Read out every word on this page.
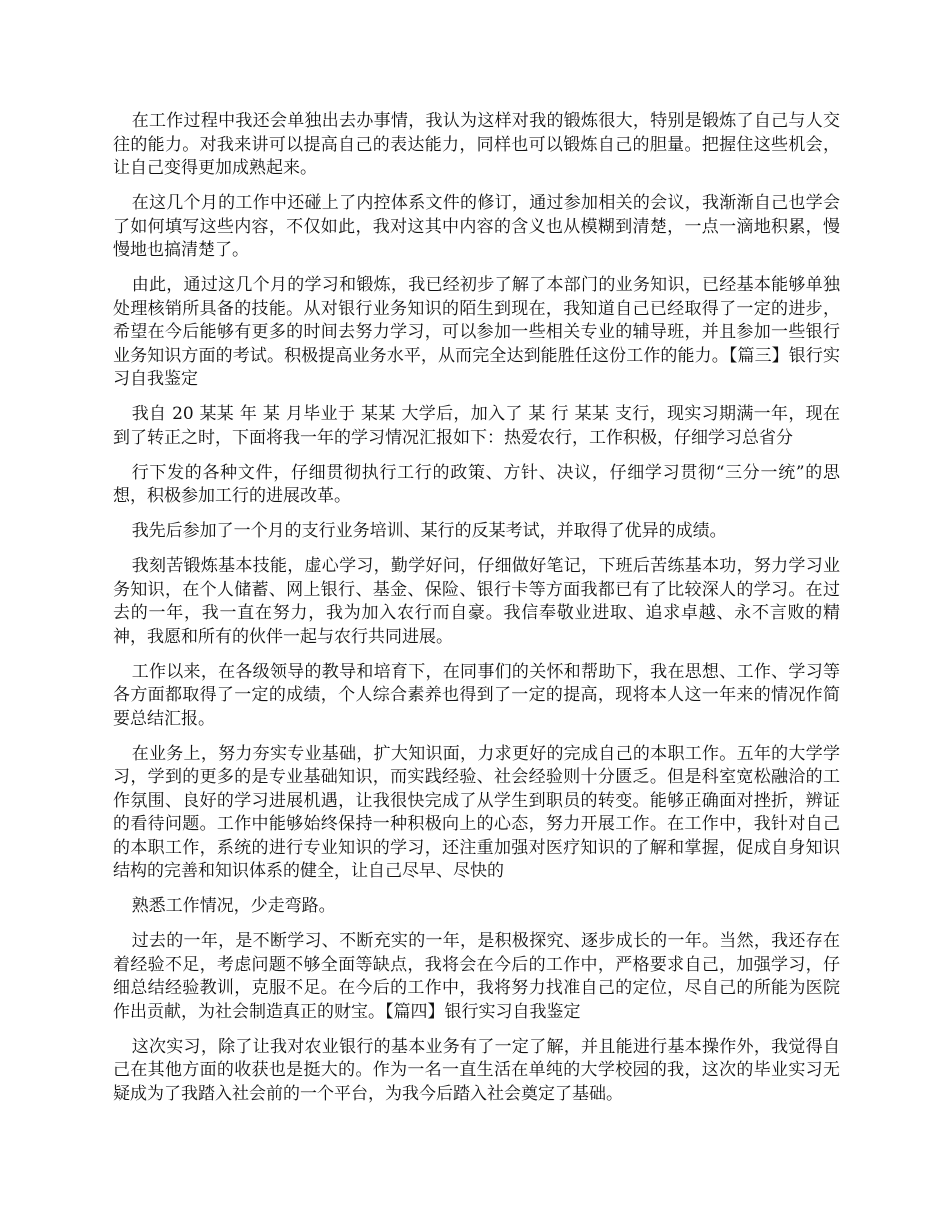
在工作过程中我还会单独出去办事情，我认为这样对我的锻炼很大，特别是锻炼了自己与人交往的能力。对我来讲可以提高自己的表达能力，同样也可以锻炼自己的胆量。把握住这些机会，让自己变得更加成熟起来。

在这几个月的工作中还碰上了内控体系文件的修订，通过参加相关的会议，我渐渐自己也学会了如何填写这些内容，不仅如此，我对这其中内容的含义也从模糊到清楚，一点一滴地积累，慢慢地也搞清楚了。

由此，通过这几个月的学习和锻炼，我已经初步了解了本部门的业务知识，已经基本能够单独处理核销所具备的技能。从对银行业务知识的陌生到现在，我知道自己已经取得了一定的进步，希望在今后能够有更多的时间去努力学习，可以参加一些相关专业的辅导班，并且参加一些银行业务知识方面的考试。积极提高业务水平，从而完全达到能胜任这份工作的能力。【篇三】银行实习自我鉴定

我自 20 某某 年 某 月毕业于 某某 大学后，加入了 某 行 某某 支行，现实习期满一年，现在到了转正之时，下面将我一年的学习情况汇报如下：热爱农行，工作积极，仔细学习总省分

行下发的各种文件，仔细贯彻执行工行的政策、方针、决议，仔细学习贯彻“三分一统”的思想，积极参加工行的进展改革。

我先后参加了一个月的支行业务培训、某行的反某考试，并取得了优异的成绩。

我刻苦锻炼基本技能，虚心学习，勤学好问，仔细做好笔记，下班后苦练基本功，努力学习业务知识，在个人储蓄、网上银行、基金、保险、银行卡等方面我都已有了比较深人的学习。在过去的一年，我一直在努力，我为加入农行而自豪。我信奉敬业进取、追求卓越、永不言败的精神，我愿和所有的伙伴一起与农行共同进展。

工作以来，在各级领导的教导和培育下，在同事们的关怀和帮助下，我在思想、工作、学习等各方面都取得了一定的成绩，个人综合素养也得到了一定的提高，现将本人这一年来的情况作简要总结汇报。

在业务上，努力夯实专业基础，扩大知识面，力求更好的完成自己的本职工作。五年的大学学习，学到的更多的是专业基础知识，而实践经验、社会经验则十分匮乏。但是科室宽松融洽的工作氛围、良好的学习进展机遇，让我很快完成了从学生到职员的转变。能够正确面对挫折，辨证的看待问题。工作中能够始终保持一种积极向上的心态，努力开展工作。在工作中，我针对自己的本职工作，系统的进行专业知识的学习，还注重加强对医疗知识的了解和掌握，促成自身知识结构的完善和知识体系的健全，让自己尽早、尽快的

熟悉工作情况，少走弯路。

过去的一年，是不断学习、不断充实的一年，是积极探究、逐步成长的一年。当然，我还存在着经验不足，考虑问题不够全面等缺点，我将会在今后的工作中，严格要求自己，加强学习，仔细总结经验教训，克服不足。在今后的工作中，我将努力找准自己的定位，尽自己的所能为医院作出贡献，为社会制造真正的财宝。【篇四】银行实习自我鉴定

这次实习，除了让我对农业银行的基本业务有了一定了解，并且能进行基本操作外，我觉得自己在其他方面的收获也是挺大的。作为一名一直生活在单纯的大学校园的我，这次的毕业实习无疑成为了我踏入社会前的一个平台，为我今后踏入社会奠定了基础。
